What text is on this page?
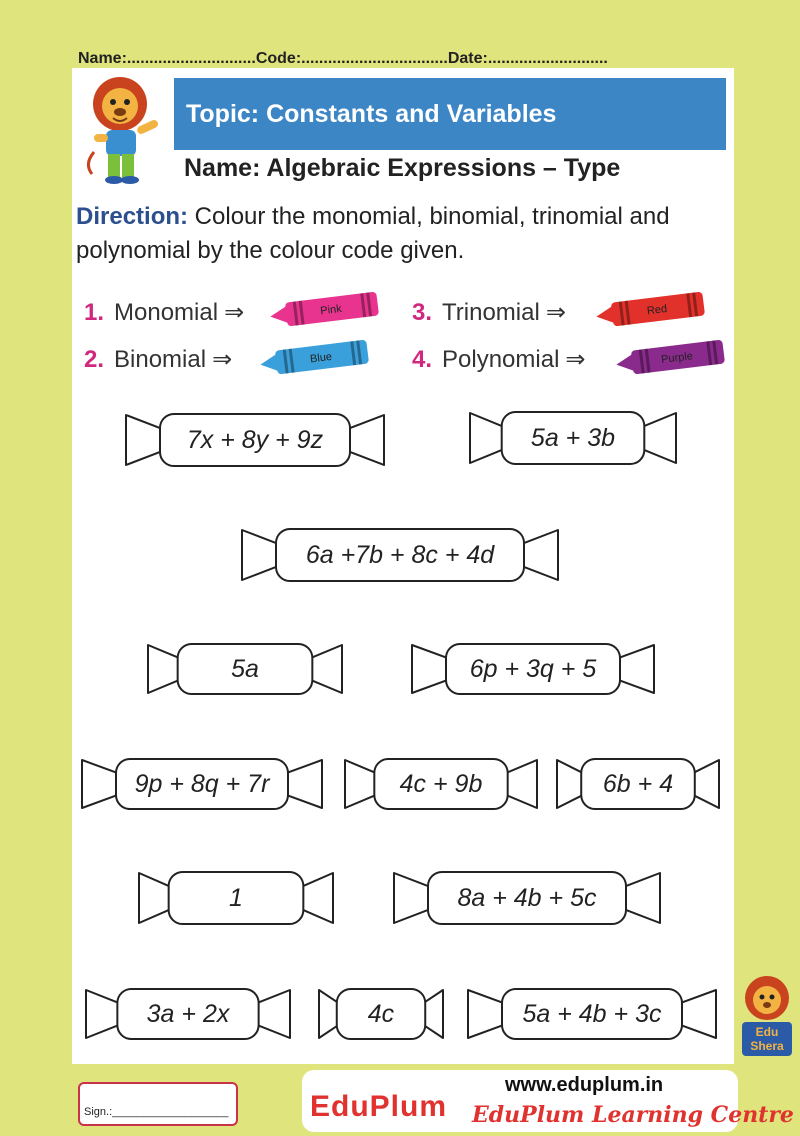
Name:.............................Code:.................................Date:...........................
Topic: Constants and Variables
Name: Algebraic Expressions – Type
Direction: Colour the monomial, binomial, trinomial and polynomial by the colour code given.
1. Monomial ⇒
2. Binomial ⇒
3. Trinomial ⇒
4. Polynomial ⇒
Pink
Blue
Red
Purple
7x + 8y + 9z	5a + 3b
6a +7b + 8c + 4d
5a	6p + 3q + 5
9p + 8q + 7r	4c + 9b	6b + 4
1	8a + 4b + 5c
3a + 2x	4c	5a + 4b + 3c
Edu
Shera
Sign.:___________________	EduPlum
www.eduplum.in
EduPlum Learning Centre
